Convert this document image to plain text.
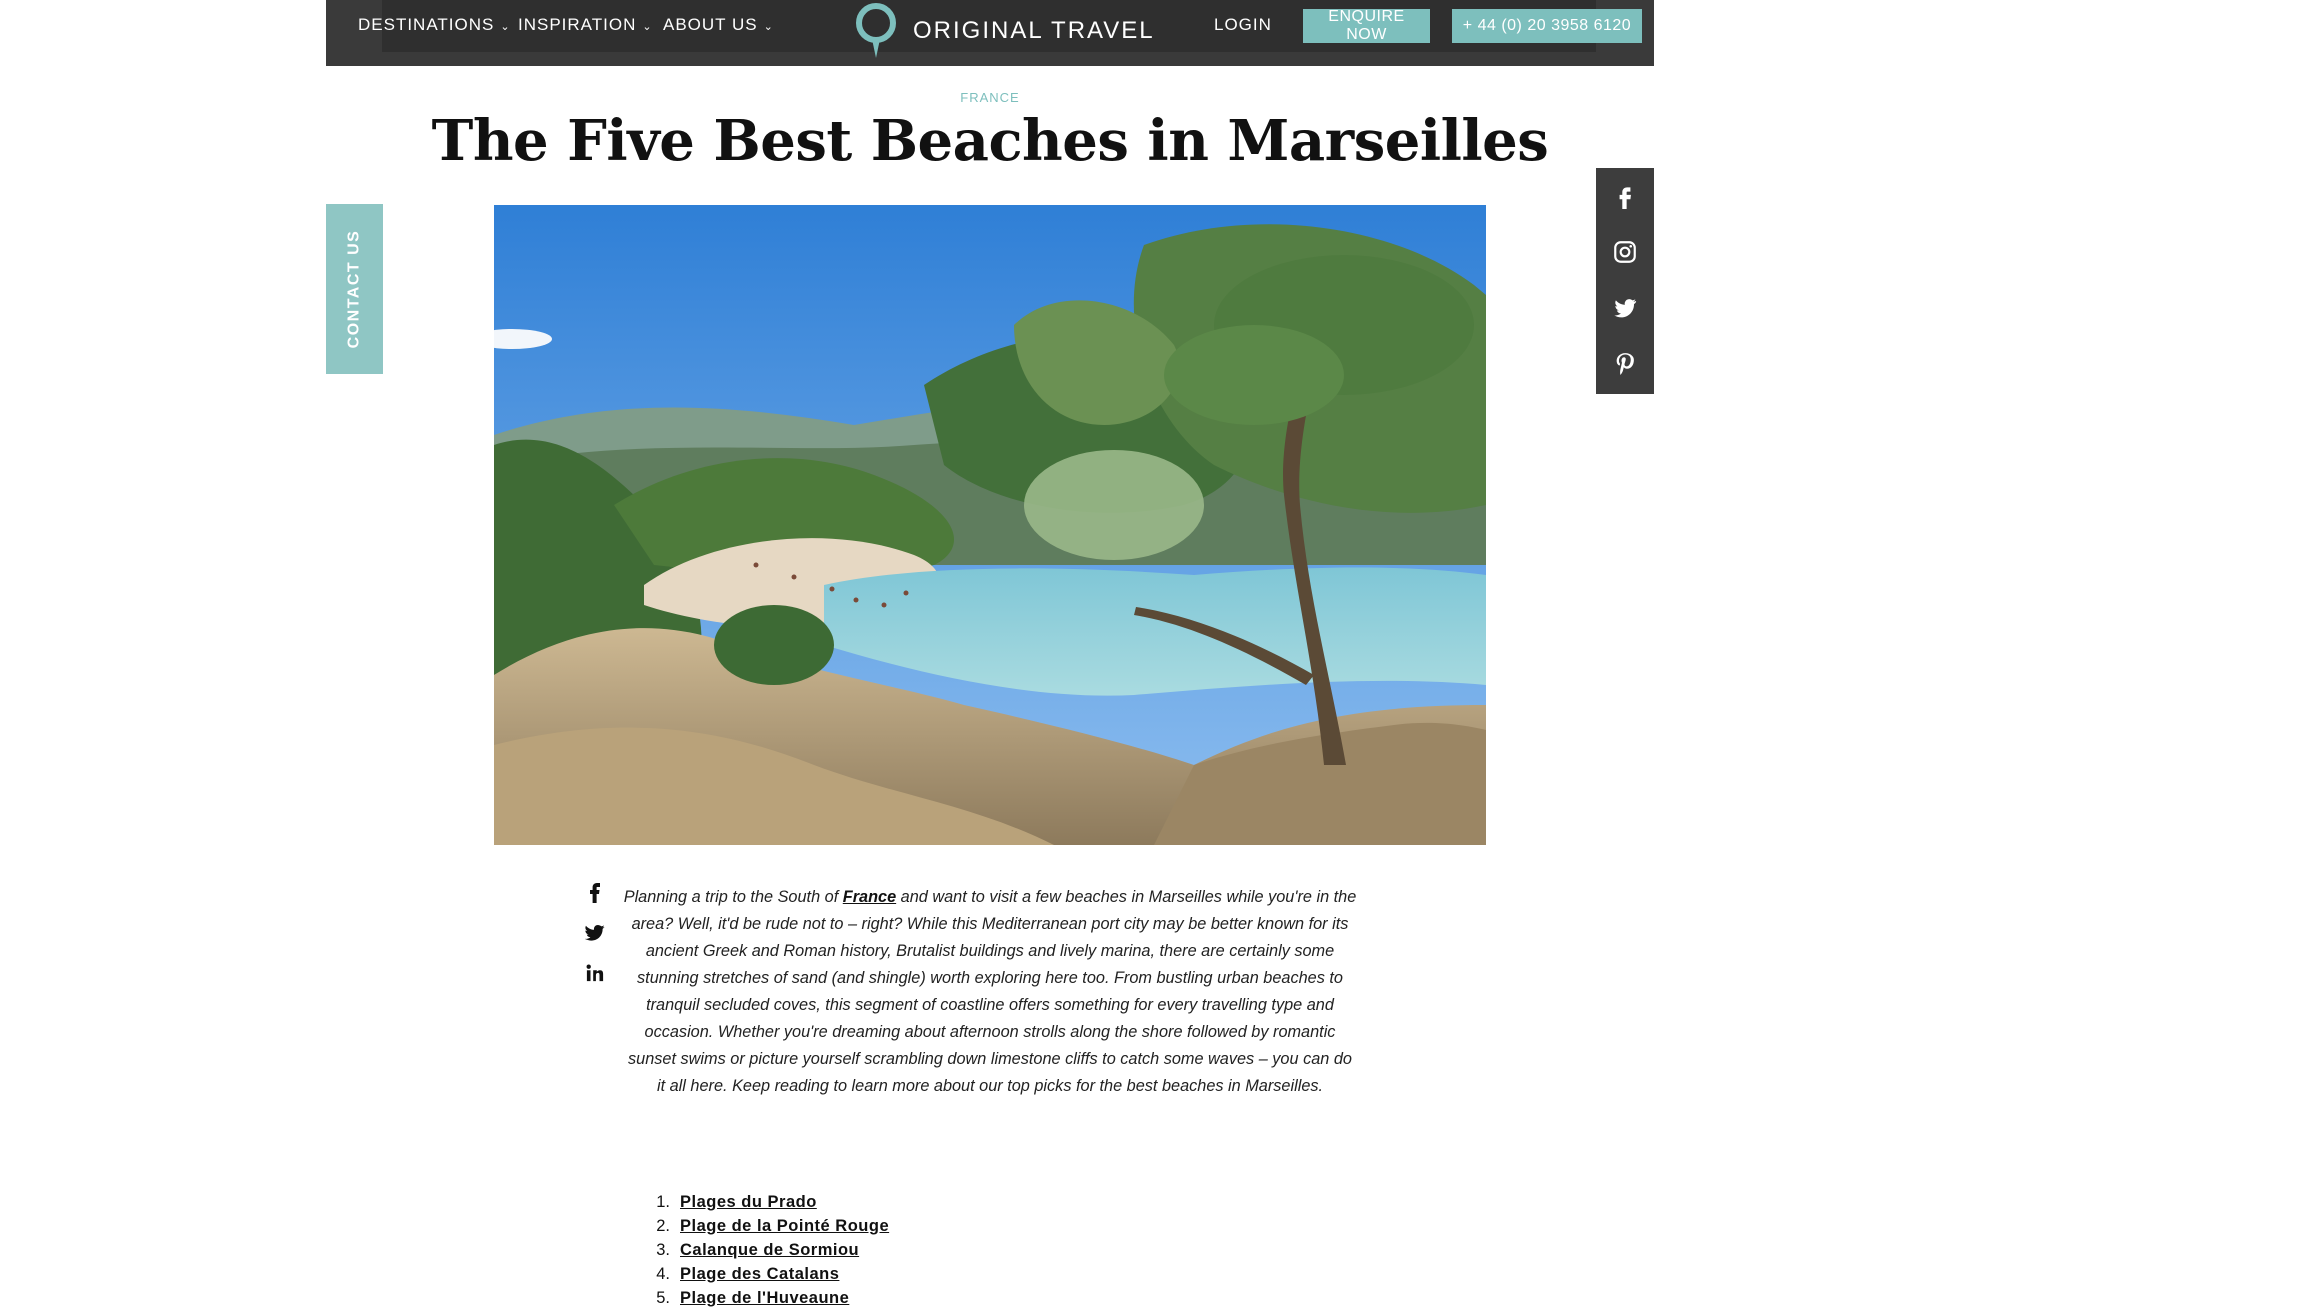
DESTINATIONS ⌄ INSPIRATION ⌄ ABOUT US ⌄	ORIGINAL TRAVEL	LOGIN	ENQUIRE NOW
+ 44 (0) 20 3958 6120
CONTACT US
FRANCE
The Five Best Beaches in Marseilles

Planning a trip to the South of France and want to visit a few beaches in Marseilles while you're in the area? Well, it'd be rude not to – right? While this Mediterranean port city may be better known for its ancient Greek and Roman history, Brutalist buildings and lively marina, there are certainly some stunning stretches of sand (and shingle) worth exploring here too. From bustling urban beaches to tranquil secluded coves, this segment of coastline offers something for every travelling type and occasion. Whether you're dreaming about afternoon strolls along the shore followed by romantic sunset swims or picture yourself scrambling down limestone cliffs to catch some waves – you can do it all here. Keep reading to learn more about our top picks for the best beaches in Marseilles.

1. Plages du Prado
2. Plage de la Pointé Rouge
3. Calanque de Sormiou
4. Plage des Catalans
5. Plage de l'Huveaune
